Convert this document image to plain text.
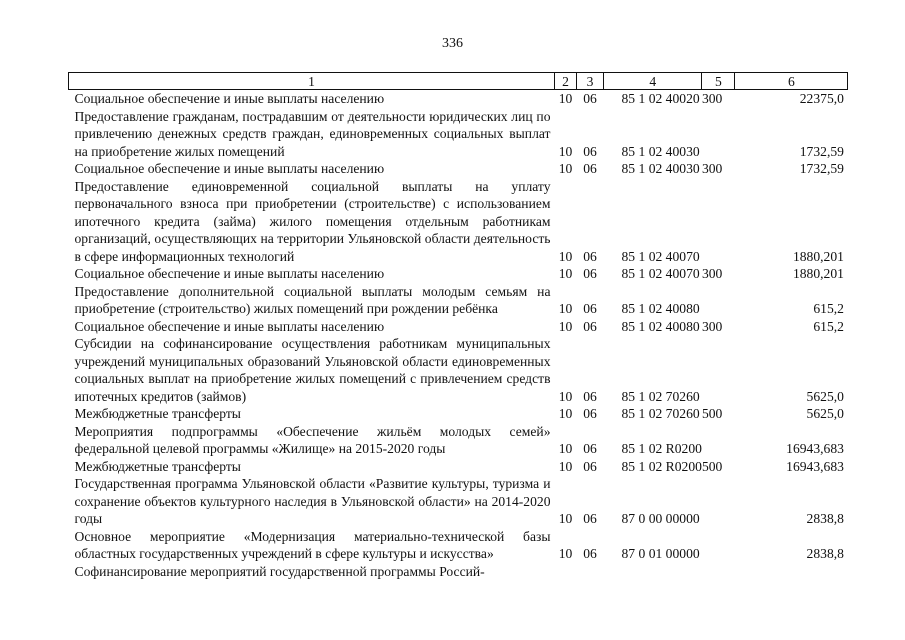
336
1	2	3	4	5	6
Социальное обеспечение и иные выплаты населению	10	06	85 1 02 40020	300	22375,0
Предоставление гражданам, пострадавшим от деятельности юридических лиц по привлечению денежных средств граждан, единовременных социальных выплат на приобретение жилых помещений	10	06	85 1 02 40030		1732,59
Социальное обеспечение и иные выплаты населению	10	06	85 1 02 40030	300	1732,59
Предоставление единовременной социальной выплаты на уплату первоначального взноса при приобретении (строительстве) с использованием ипотечного кредита (займа) жилого помещения отдельным работникам организаций, осуществляющих на территории Ульяновской области деятельность в сфере информационных технологий	10	06	85 1 02 40070		1880,201
Социальное обеспечение и иные выплаты населению	10	06	85 1 02 40070	300	1880,201
Предоставление дополнительной социальной выплаты молодым семьям на приобретение (строительство) жилых помещений при рождении ребёнка	10	06	85 1 02 40080		615,2
Социальное обеспечение и иные выплаты населению	10	06	85 1 02 40080	300	615,2
Субсидии на софинансирование осуществления работникам муниципальных учреждений муниципальных образований Ульяновской области единовременных социальных выплат на приобретение жилых помещений с привлечением средств ипотечных кредитов (займов)	10	06	85 1 02 70260		5625,0
Межбюджетные трансферты	10	06	85 1 02 70260	500	5625,0
Мероприятия подпрограммы «Обеспечение жильём молодых семей» федеральной целевой программы «Жилище» на 2015-2020 годы	10	06	85 1 02 R0200		16943,683
Межбюджетные трансферты	10	06	85 1 02 R0200	500	16943,683
Государственная программа Ульяновской области «Развитие культуры, туризма и сохранение объектов культурного наследия в Ульяновской области» на 2014-2020 годы	10	06	87 0 00 00000		2838,8
Основное мероприятие «Модернизация материально-технической базы областных государственных учреждений в сфере культуры и искусства»	10	06	87 0 01 00000		2838,8
Софинансирование мероприятий государственной программы Россий-					
